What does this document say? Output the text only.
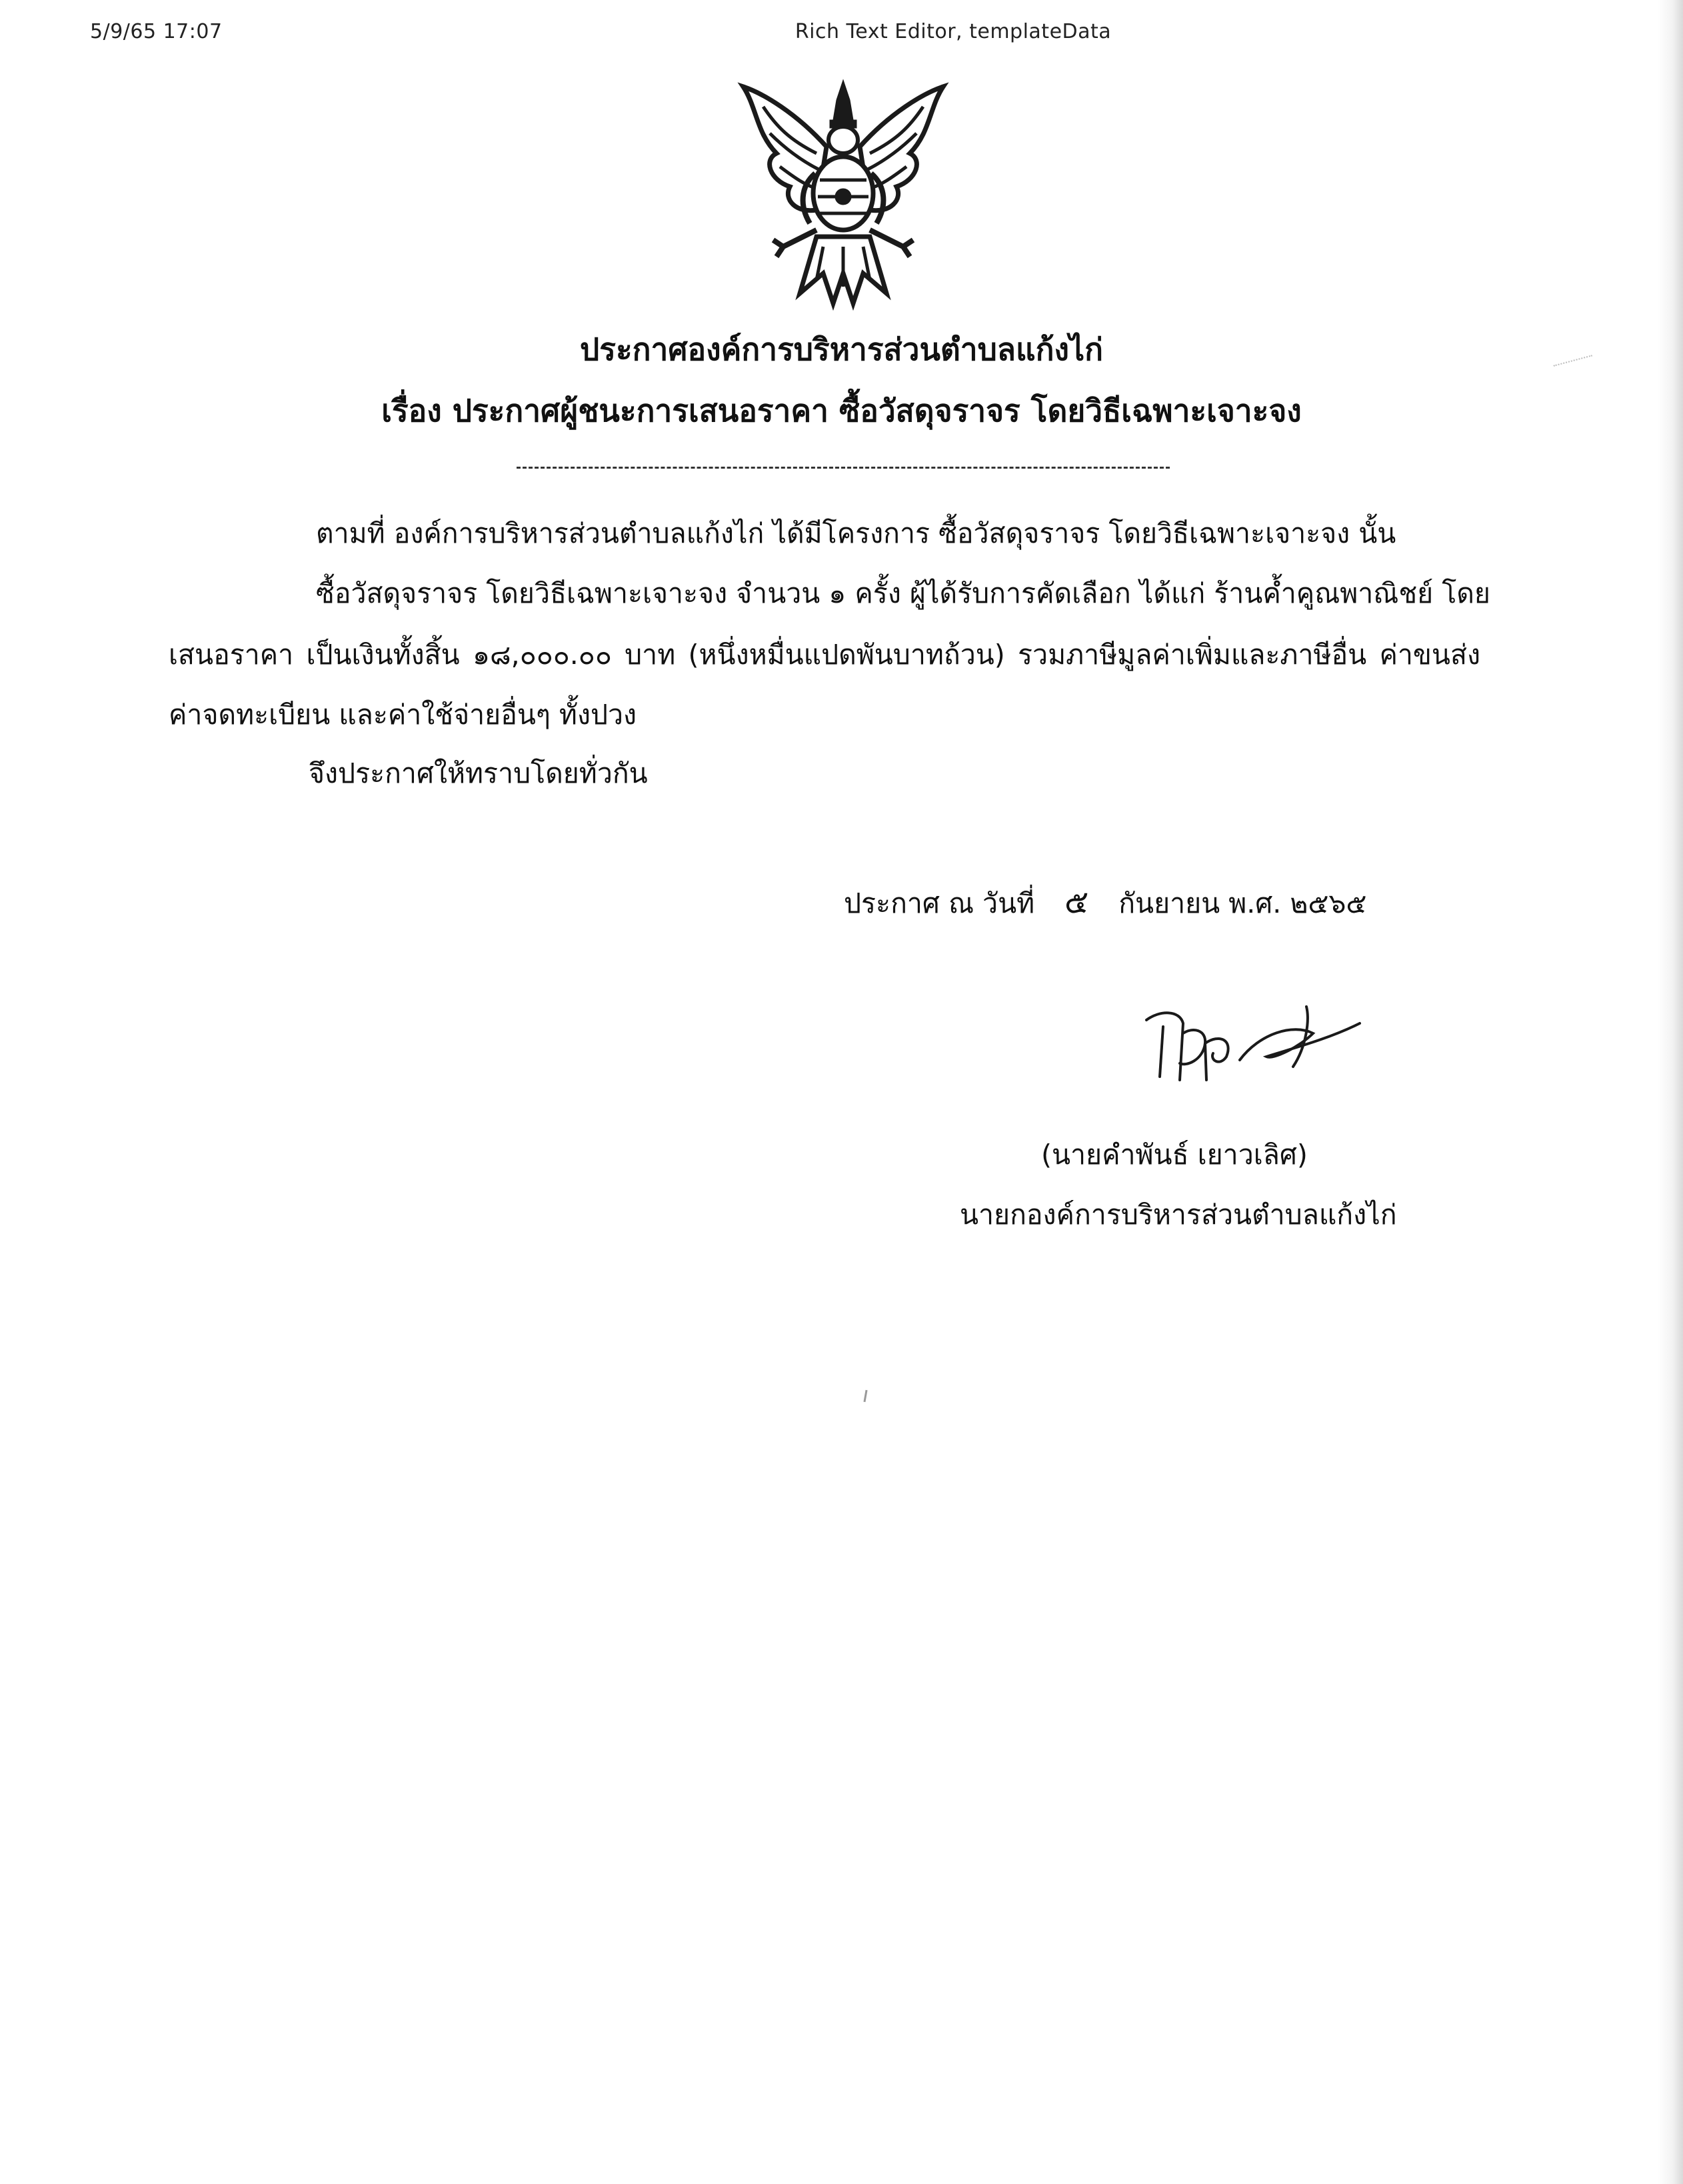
5/9/65 17:07	Rich Text Editor, templateData
ประกาศองค์การบริหารส่วนตำบลแก้งไก่
เรื่อง ประกาศผู้ชนะการเสนอราคา ซื้อวัสดุจราจร โดยวิธีเฉพาะเจาะจง
ตามที่ องค์การบริหารส่วนตำบลแก้งไก่ ได้มีโครงการ ซื้อวัสดุจราจร โดยวิธีเฉพาะเจาะจง นั้น
ซื้อวัสดุจราจร โดยวิธีเฉพาะเจาะจง จำนวน ๑ ครั้ง ผู้ได้รับการคัดเลือก ได้แก่ ร้านค้ำคูณพาณิชย์ โดย
เสนอราคา เป็นเงินทั้งสิ้น ๑๘,๐๐๐.๐๐ บาท (หนึ่งหมื่นแปดพันบาทถ้วน) รวมภาษีมูลค่าเพิ่มและภาษีอื่น ค่าขนส่ง
ค่าจดทะเบียน และค่าใช้จ่ายอื่นๆ ทั้งปวง
จึงประกาศให้ทราบโดยทั่วกัน
ประกาศ ณ วันที่ ๕ กันยายน พ.ศ. ๒๕๖๕
(นายคำพันธ์ เยาวเลิศ)
นายกองค์การบริหารส่วนตำบลแก้งไก่
